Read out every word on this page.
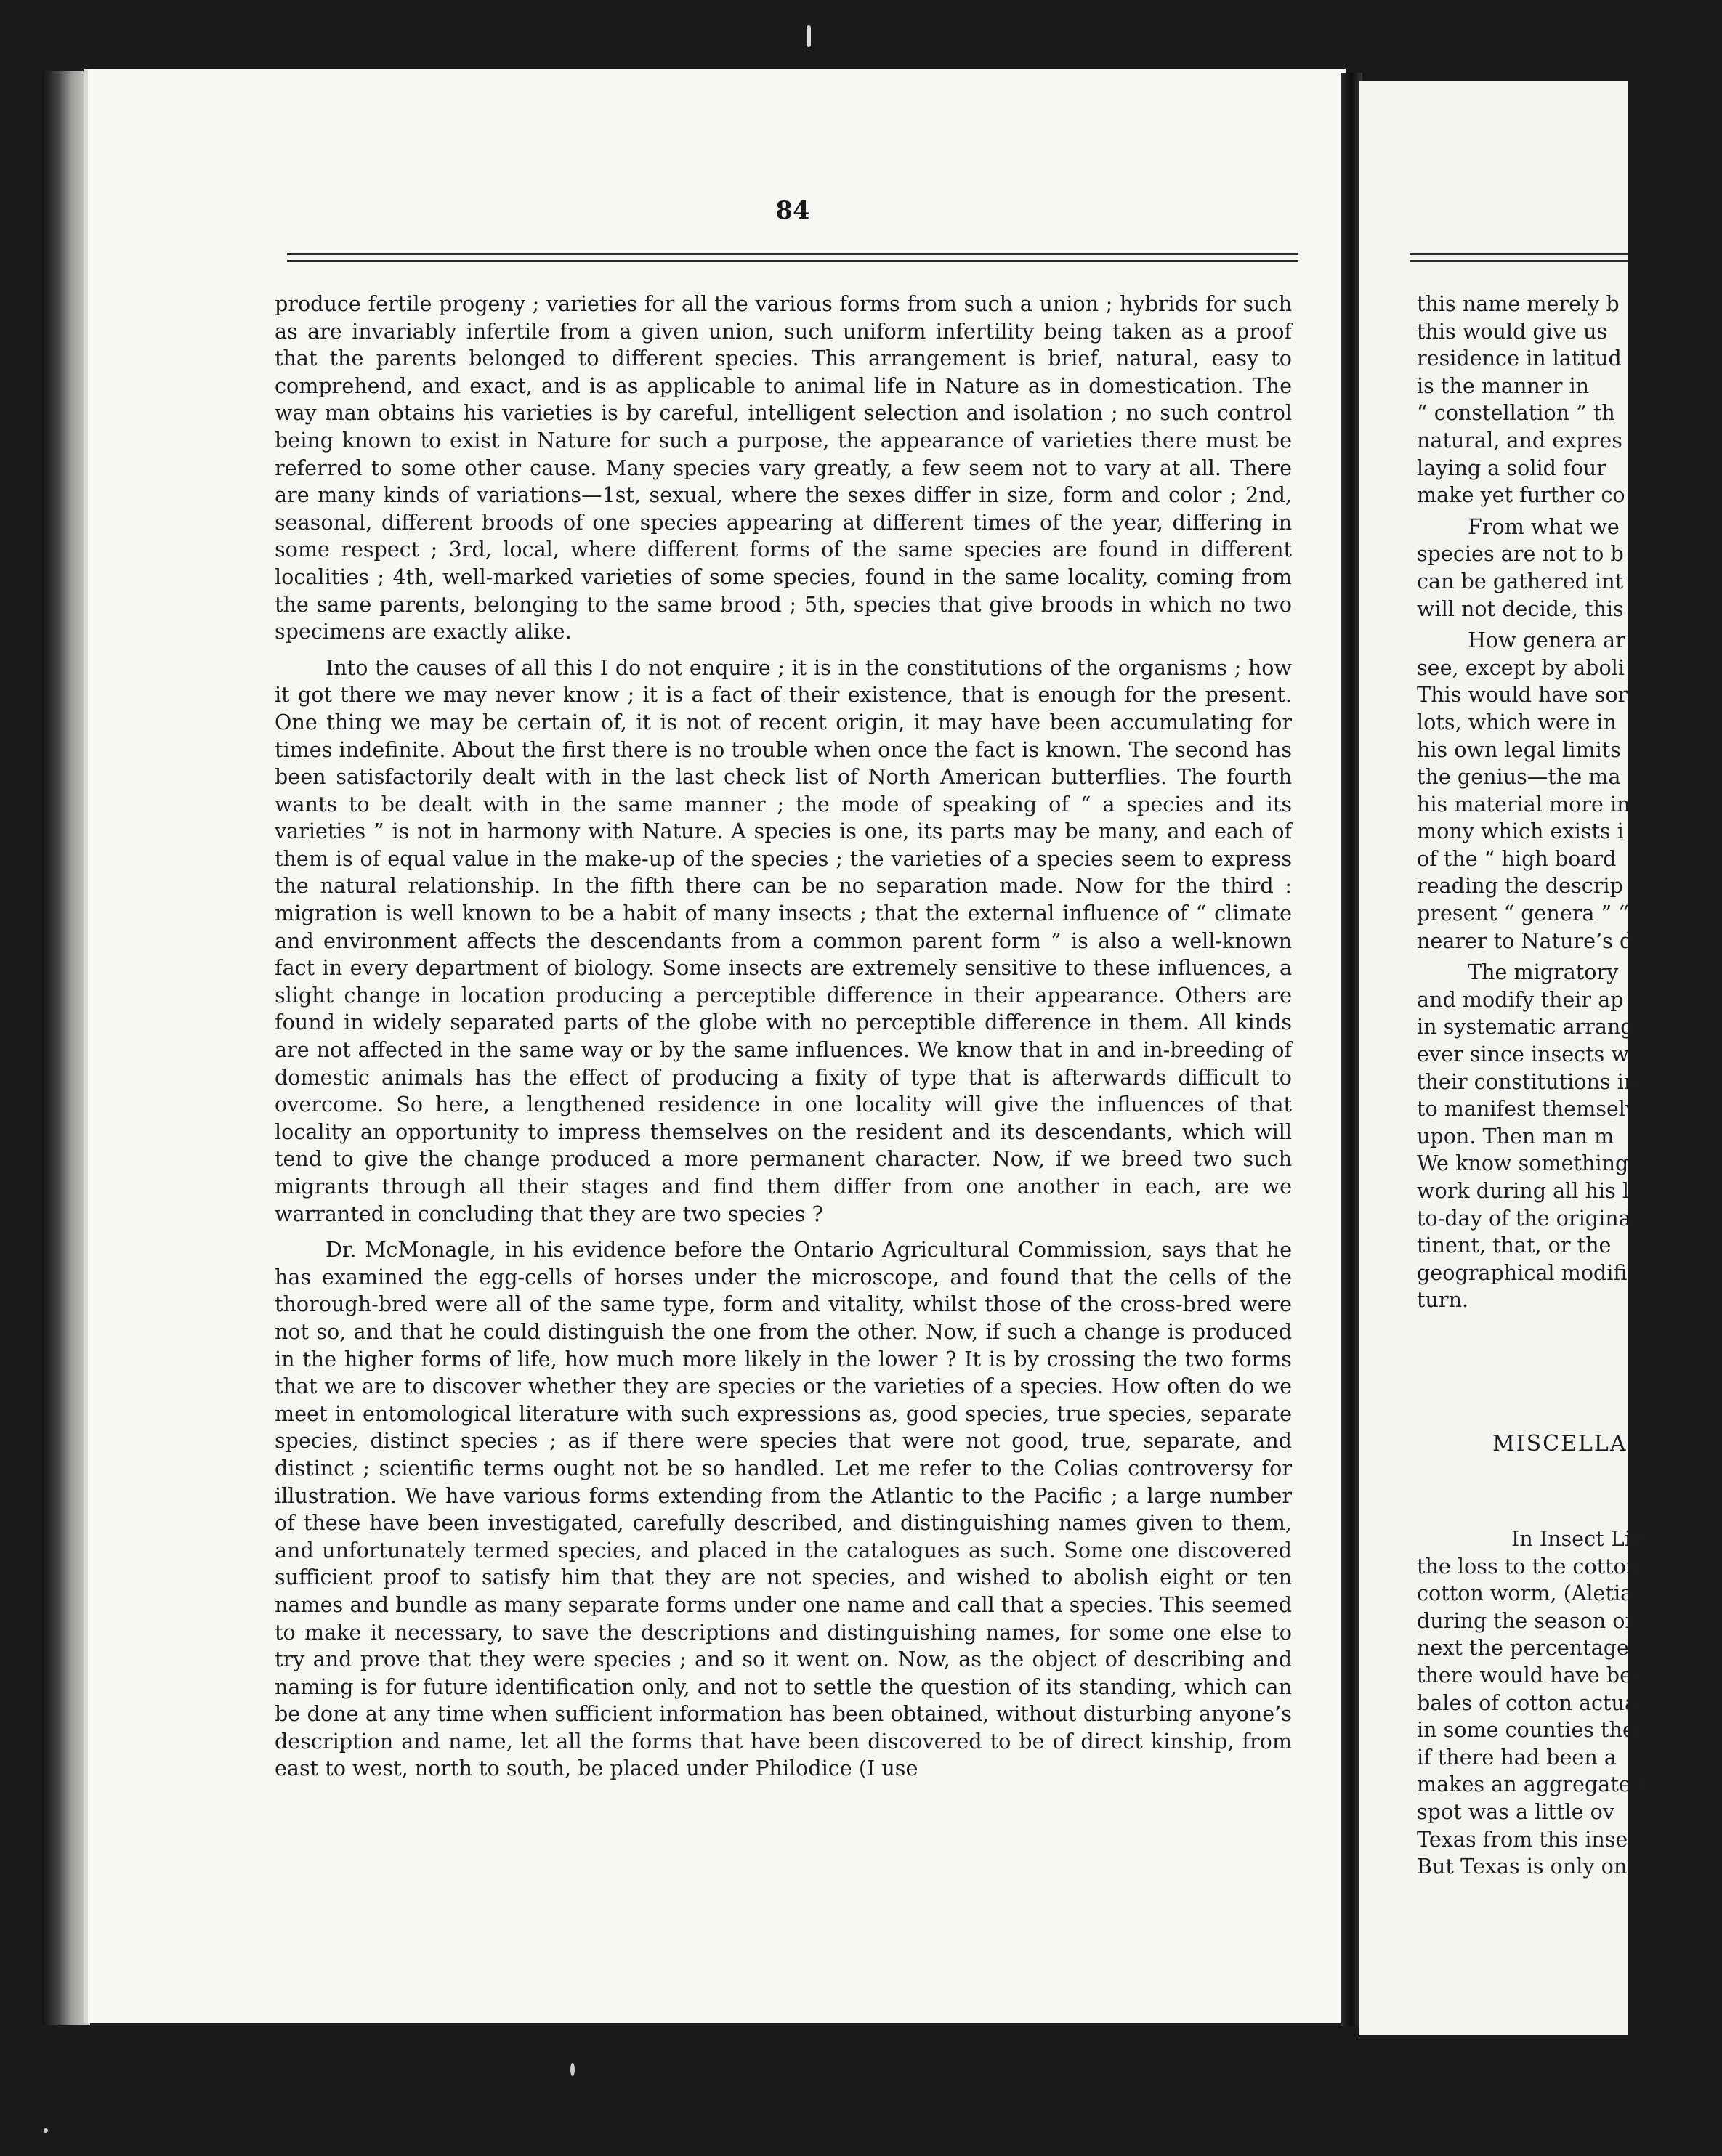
84

produce fertile progeny ; varieties for all the various forms from such a union ; hybrids for such as are invariably infertile from a given union, such uniform infertility being taken as a proof that the parents belonged to different species. This arrangement is brief, natural, easy to comprehend, and exact, and is as applicable to animal life in Nature as in domestication. The way man obtains his varieties is by careful, intelligent selection and isolation ; no such control being known to exist in Nature for such a purpose, the appearance of varieties there must be referred to some other cause. Many species vary greatly, a few seem not to vary at all. There are many kinds of variations—1st, sexual, where the sexes differ in size, form and color ; 2nd, seasonal, different broods of one species appearing at different times of the year, differing in some respect ; 3rd, local, where different forms of the same species are found in different localities ; 4th, well-marked varieties of some species, found in the same locality, coming from the same parents, belonging to the same brood ; 5th, species that give broods in which no two specimens are exactly alike.

Into the causes of all this I do not enquire ; it is in the constitutions of the organisms ; how it got there we may never know ; it is a fact of their existence, that is enough for the present. One thing we may be certain of, it is not of recent origin, it may have been accumulating for times indefinite. About the first there is no trouble when once the fact is known. The second has been satisfactorily dealt with in the last check list of North American butterflies. The fourth wants to be dealt with in the same manner ; the mode of speaking of “ a species and its varieties ” is not in harmony with Nature. A species is one, its parts may be many, and each of them is of equal value in the make-up of the species ; the varieties of a species seem to express the natural relationship. In the fifth there can be no separation made. Now for the third : migration is well known to be a habit of many insects ; that the external influence of “ climate and environment affects the descendants from a common parent form ” is also a well-known fact in every department of biology. Some insects are extremely sensitive to these influences, a slight change in location producing a perceptible difference in their appearance. Others are found in widely separated parts of the globe with no perceptible difference in them. All kinds are not affected in the same way or by the same influences. We know that in and in-breeding of domestic animals has the effect of producing a fixity of type that is afterwards difficult to overcome. So here, a lengthened residence in one locality will give the influences of that locality an opportunity to impress themselves on the resident and its descendants, which will tend to give the change produced a more permanent character. Now, if we breed two such migrants through all their stages and find them differ from one another in each, are we warranted in concluding that they are two species ?

Dr. McMonagle, in his evidence before the Ontario Agricultural Commission, says that he has examined the egg-cells of horses under the microscope, and found that the cells of the thorough-bred were all of the same type, form and vitality, whilst those of the cross-bred were not so, and that he could distinguish the one from the other. Now, if such a change is produced in the higher forms of life, how much more likely in the lower ? It is by crossing the two forms that we are to discover whether they are species or the varieties of a species. How often do we meet in entomological literature with such expressions as, good species, true species, separate species, distinct species ; as if there were species that were not good, true, separate, and distinct ; scientific terms ought not be so handled. Let me refer to the Colias controversy for illustration. We have various forms extending from the Atlantic to the Pacific ; a large number of these have been investigated, carefully described, and distinguishing names given to them, and unfortunately termed species, and placed in the catalogues as such. Some one discovered sufficient proof to satisfy him that they are not species, and wished to abolish eight or ten names and bundle as many separate forms under one name and call that a species. This seemed to make it necessary, to save the descriptions and distinguishing names, for some one else to try and prove that they were species ; and so it went on. Now, as the object of describing and naming is for future identification only, and not to settle the question of its standing, which can be done at any time when sufficient information has been obtained, without disturbing anyone’s description and name, let all the forms that have been discovered to be of direct kinship, from east to west, north to south, be placed under Philodice (I use

this name merely b
this would give us
residence in latitud
is the manner in
“ constellation ” th
natural, and expres
laying a solid four
make yet further co
From what we
species are not to b
can be gathered int
will not decide, this
How genera ar
see, except by aboli
This would have sor
lots, which were in
his own legal limits
the genius—the ma
his material more in
mony which exists i
of the “ high board
reading the descrip
present “ genera ” “
nearer to Nature’s d
The migratory
and modify their ap
in systematic arrang
ever since insects w
their constitutions in
to manifest themselv
upon. Then man m
We know something
work during all his l
to-day of the origina
tinent, that, or the
geographical modific
turn.
MISCELLA
In Insect Life
the loss to the cotton
cotton worm, (Aletia
during the season of
next the percentage
there would have bee
bales of cotton actua
in some counties ther
if there had been a
makes an aggregate l
spot was a little ov
Texas from this inse
But Texas is only on
